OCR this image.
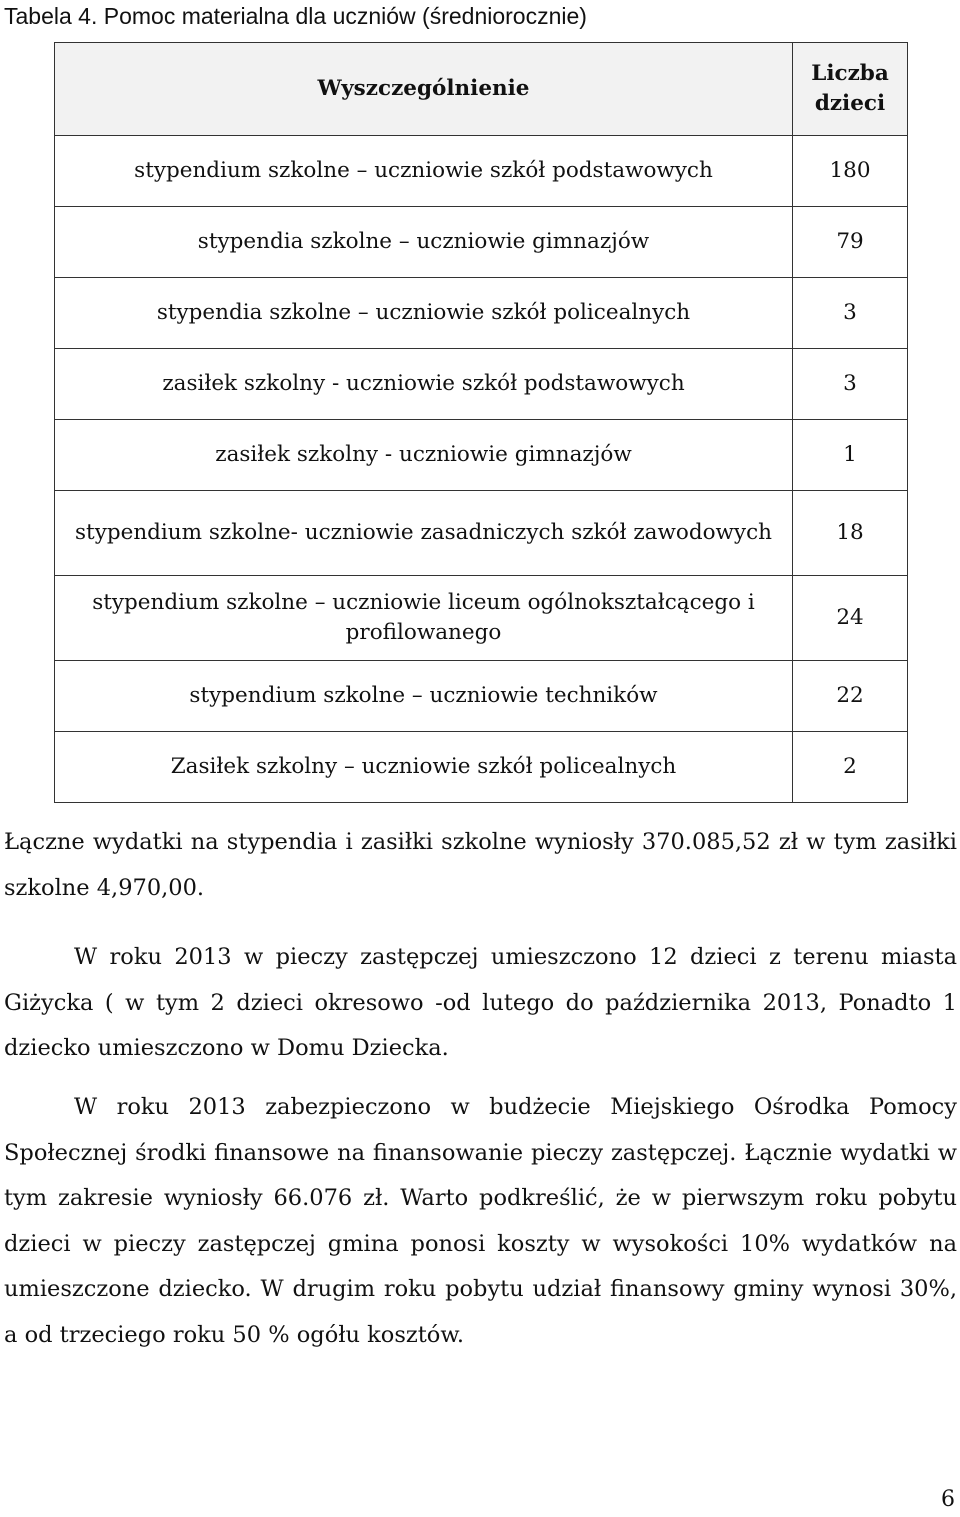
Tabela 4. Pomoc materialna dla uczniów (średniorocznie)
Wyszczególnienie	Liczba dzieci
stypendium szkolne – uczniowie szkół podstawowych	180
stypendia szkolne – uczniowie gimnazjów	79
stypendia szkolne – uczniowie szkół policealnych	3
zasiłek szkolny - uczniowie szkół podstawowych	3
zasiłek szkolny - uczniowie gimnazjów	1
stypendium szkolne- uczniowie zasadniczych szkół zawodowych	18
stypendium szkolne – uczniowie liceum ogólnokształcącego i profilowanego	24
stypendium szkolne – uczniowie techników	22
Zasiłek szkolny – uczniowie szkół policealnych	2

Łączne wydatki na stypendia i zasiłki szkolne wyniosły 370.085,52 zł w tym zasiłki szkolne 4,970,00.

W roku 2013 w pieczy zastępczej umieszczono 12 dzieci z terenu miasta Giżycka ( w tym 2 dzieci okresowo -od lutego do października 2013, Ponadto 1 dziecko umieszczono w Domu Dziecka.

W roku 2013 zabezpieczono w budżecie Miejskiego Ośrodka Pomocy Społecznej środki finansowe na finansowanie pieczy zastępczej. Łącznie wydatki w tym zakresie wyniosły 66.076 zł. Warto podkreślić, że w pierwszym roku pobytu dzieci w pieczy zastępczej gmina ponosi koszty w wysokości 10% wydatków na umieszczone dziecko. W drugim roku pobytu udział finansowy gminy wynosi 30%, a od trzeciego roku 50 % ogółu kosztów.

6
